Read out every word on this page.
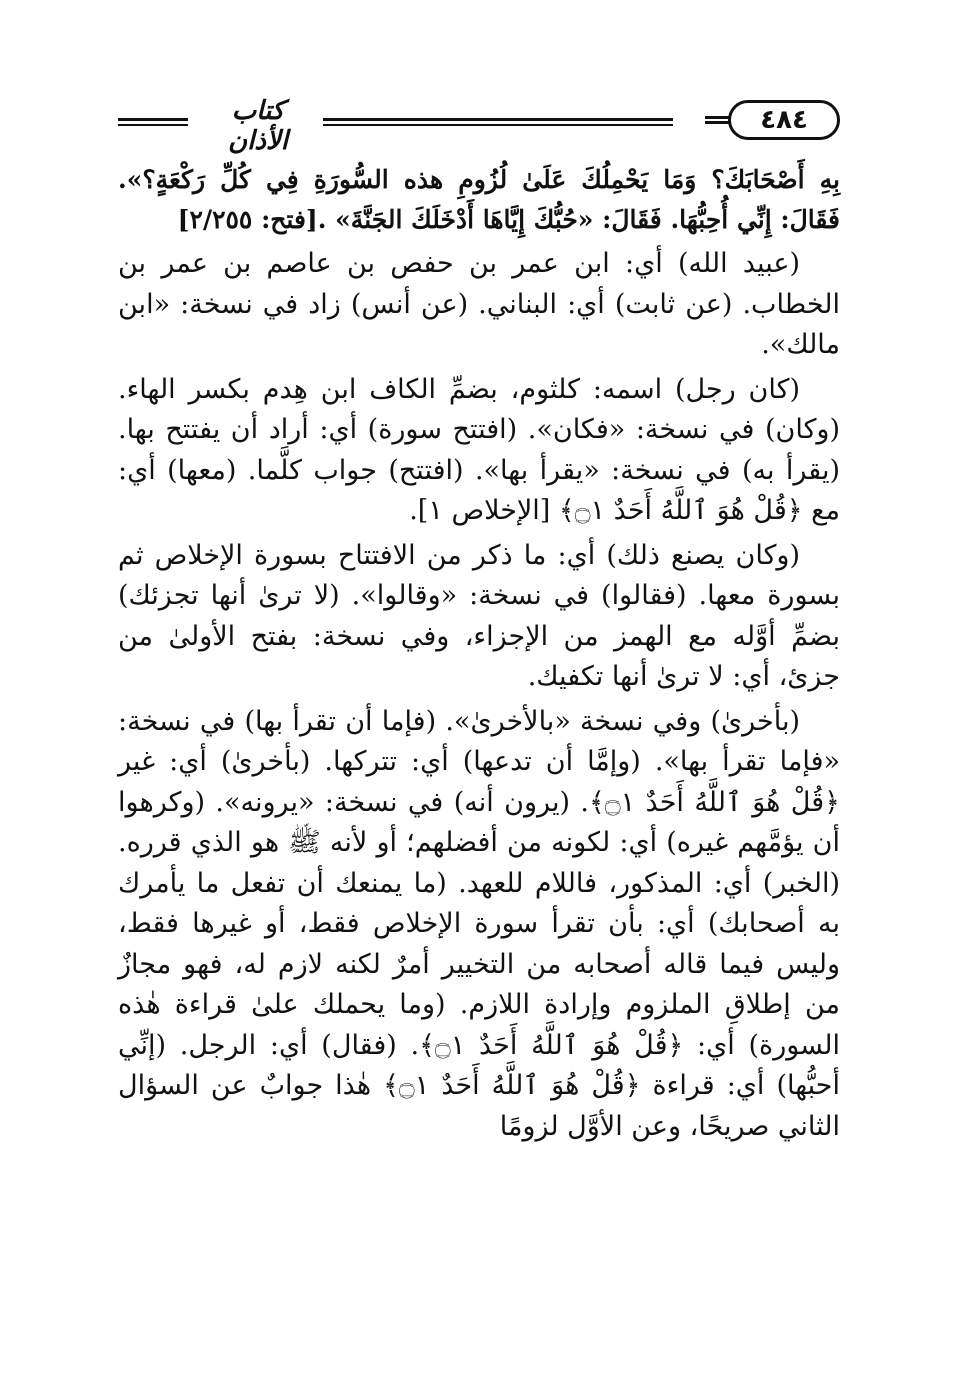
كتاب الأذان
٤٨٤

بِهِ أَصْحَابَكَ؟ وَمَا يَحْمِلُكَ عَلَىٰ لُزُومِ هذه السُّورَةِ فِي كُلِّ رَكْعَةٍ؟». فَقَالَ: إِنِّي أُحِبُّهَا. فَقَالَ: «حُبُّكَ إِيَّاهَا أَدْخَلَكَ الجَنَّةَ» .[فتح: ٢/٢٥٥]

(عبيد الله) أي: ابن عمر بن حفص بن عاصم بن عمر بن الخطاب. (عن ثابت) أي: البناني. (عن أنس) زاد في نسخة: «ابن مالك».

(كان رجل) اسمه: كلثوم، بضمِّ الكاف ابن هِدم بكسر الهاء. (وكان) في نسخة: «فكان». (افتتح سورة) أي: أراد أن يفتتح بها. (يقرأ به) في نسخة: «يقرأ بها». (افتتح) جواب كلَّما. (معها) أي: مع ﴿قُلْ هُوَ ٱللَّهُ أَحَدٌ ۝١﴾ [الإخلاص ١].

(وكان يصنع ذلك) أي: ما ذكر من الافتتاح بسورة الإخلاص ثم بسورة معها. (فقالوا) في نسخة: «وقالوا». (لا ترىٰ أنها تجزئك) بضمِّ أوَّله مع الهمز من الإجزاء، وفي نسخة: بفتح الأولىٰ من جزئ، أي: لا ترىٰ أنها تكفيك.

(بأخرىٰ) وفي نسخة «بالأخرىٰ». (فإما أن تقرأ بها) في نسخة: «فإما تقرأ بها». (وإمَّا أن تدعها) أي: تتركها. (بأخرىٰ) أي: غير ﴿قُلْ هُوَ ٱللَّهُ أَحَدٌ ۝١﴾. (يرون أنه) في نسخة: «يرونه». (وكرهوا أن يؤمَّهم غيره) أي: لكونه من أفضلهم؛ أو لأنه ﷺ هو الذي قرره. (الخبر) أي: المذكور، فاللام للعهد. (ما يمنعك أن تفعل ما يأمرك به أصحابك) أي: بأن تقرأ سورة الإخلاص فقط، أو غيرها فقط، وليس فيما قاله أصحابه من التخيير أمرٌ لكنه لازم له، فهو مجازٌ من إطلاقِ الملزوم وإرادة اللازم. (وما يحملك علىٰ قراءة هٰذه السورة) أي: ﴿قُلْ هُوَ ٱللَّهُ أَحَدٌ ۝١﴾. (فقال) أي: الرجل. (إنِّي أحبُّها) أي: قراءة ﴿قُلْ هُوَ ٱللَّهُ أَحَدٌ ۝١﴾ هٰذا جوابٌ عن السؤال الثاني صريحًا، وعن الأوَّل لزومًا
